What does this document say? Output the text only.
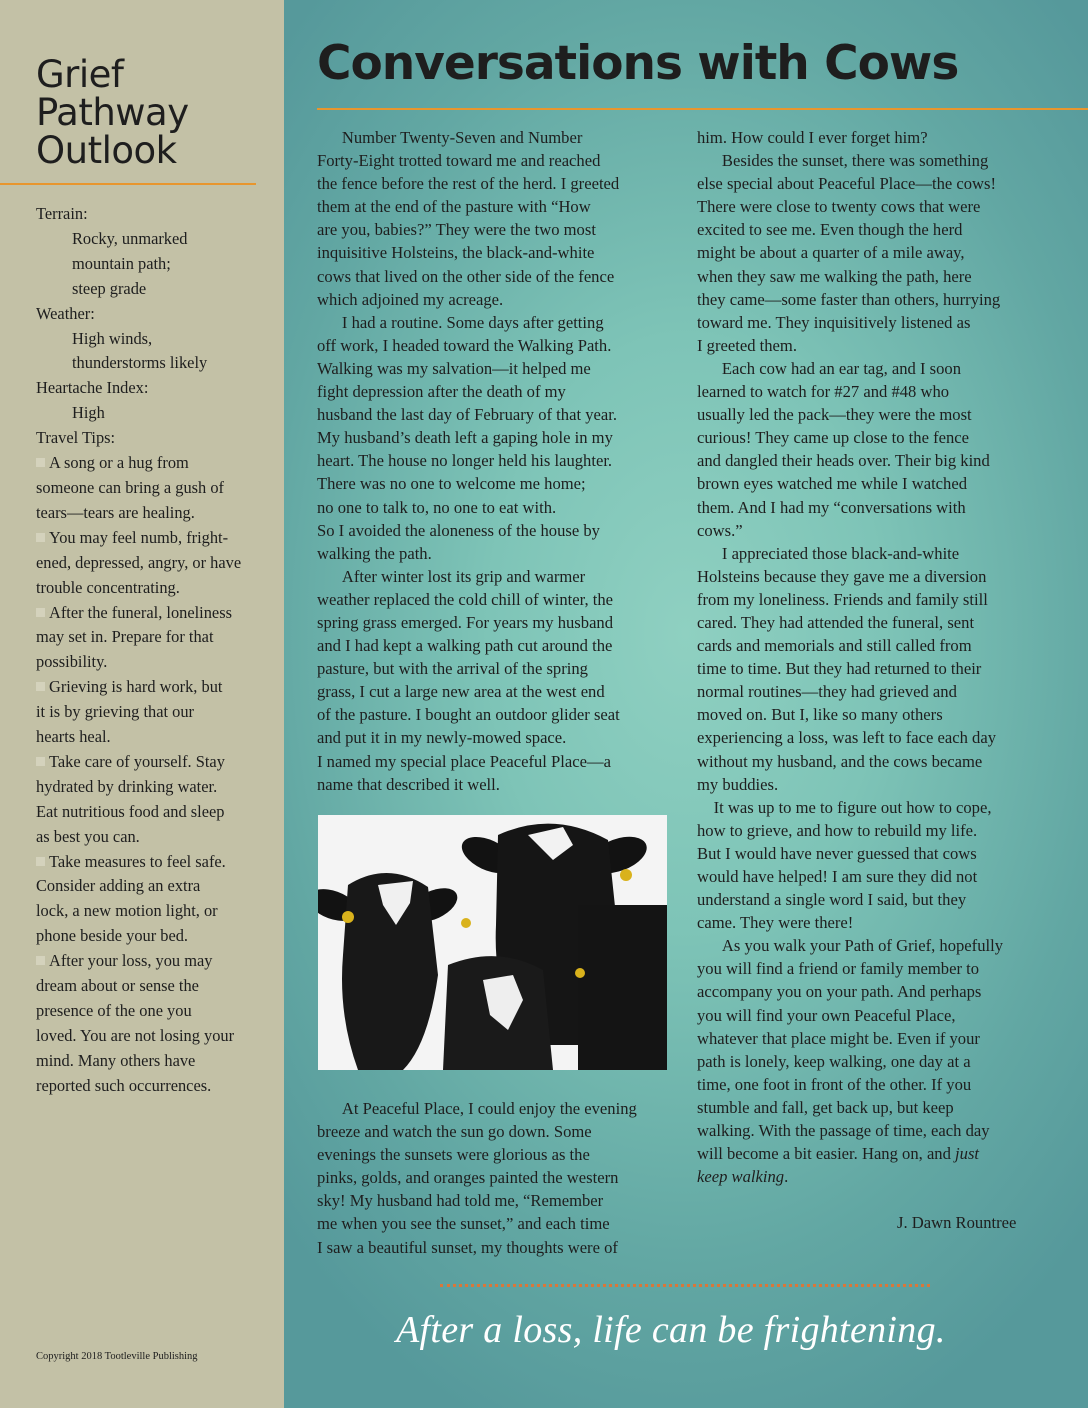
Grief
Pathway
Outlook
Terrain:
Rocky, unmarked
mountain path;
steep grade
Weather:
High winds,
thunderstorms likely
Heartache Index:
High
Travel Tips:
A song or a hug from
someone can bring a gush of
tears—tears are healing.
You may feel numb, fright-
ened, depressed, angry, or have
trouble concentrating.
After the funeral, loneliness
may set in. Prepare for that
possibility.
Grieving is hard work, but
it is by grieving that our
hearts heal.
Take care of yourself. Stay
hydrated by drinking water.
Eat nutritious food and sleep
as best you can.
Take measures to feel safe.
Consider adding an extra
lock, a new motion light, or
phone beside your bed.
After your loss, you may
dream about or sense the
presence of the one you
loved. You are not losing your
mind. Many others have
reported such occurrences.
Copyright 2018 Tootleville Publishing
Conversations with Cows
Number Twenty-Seven and Number
Forty-Eight trotted toward me and reached
the fence before the rest of the herd. I greeted
them at the end of the pasture with “How
are you, babies?” They were the two most
inquisitive Holsteins, the black-and-white
cows that lived on the other side of the fence
which adjoined my acreage.
I had a routine. Some days after getting
off work, I headed toward the Walking Path.
Walking was my salvation—it helped me
fight depression after the death of my
husband the last day of February of that year.
My husband’s death left a gaping hole in my
heart. The house no longer held his laughter.
There was no one to welcome me home;
no one to talk to, no one to eat with.
So I avoided the aloneness of the house by
walking the path.
After winter lost its grip and warmer
weather replaced the cold chill of winter, the
spring grass emerged. For years my husband
and I had kept a walking path cut around the
pasture, but with the arrival of the spring
grass, I cut a large new area at the west end
of the pasture. I bought an outdoor glider seat
and put it in my newly-mowed space.
I named my special place Peaceful Place—a
name that described it well.
At Peaceful Place, I could enjoy the evening
breeze and watch the sun go down. Some
evenings the sunsets were glorious as the
pinks, golds, and oranges painted the western
sky! My husband had told me, “Remember
me when you see the sunset,” and each time
I saw a beautiful sunset, my thoughts were of
him. How could I ever forget him?
Besides the sunset, there was something
else special about Peaceful Place—the cows!
There were close to twenty cows that were
excited to see me. Even though the herd
might be about a quarter of a mile away,
when they saw me walking the path, here
they came—some faster than others, hurrying
toward me. They inquisitively listened as
I greeted them.
Each cow had an ear tag, and I soon
learned to watch for #27 and #48 who
usually led the pack—they were the most
curious! They came up close to the fence
and dangled their heads over. Their big kind
brown eyes watched me while I watched
them. And I had my “conversations with
cows.”
I appreciated those black-and-white
Holsteins because they gave me a diversion
from my loneliness. Friends and family still
cared. They had attended the funeral, sent
cards and memorials and still called from
time to time. But they had returned to their
normal routines—they had grieved and
moved on. But I, like so many others
experiencing a loss, was left to face each day
without my husband, and the cows became
my buddies.
It was up to me to figure out how to cope,
how to grieve, and how to rebuild my life.
But I would have never guessed that cows
would have helped! I am sure they did not
understand a single word I said, but they
came. They were there!
As you walk your Path of Grief, hopefully
you will find a friend or family member to
accompany you on your path. And perhaps
you will find your own Peaceful Place,
whatever that place might be. Even if your
path is lonely, keep walking, one day at a
time, one foot in front of the other. If you
stumble and fall, get back up, but keep
walking. With the passage of time, each day
will become a bit easier. Hang on, and just
keep walking.
J. Dawn Rountree
After a loss, life can be frightening.
